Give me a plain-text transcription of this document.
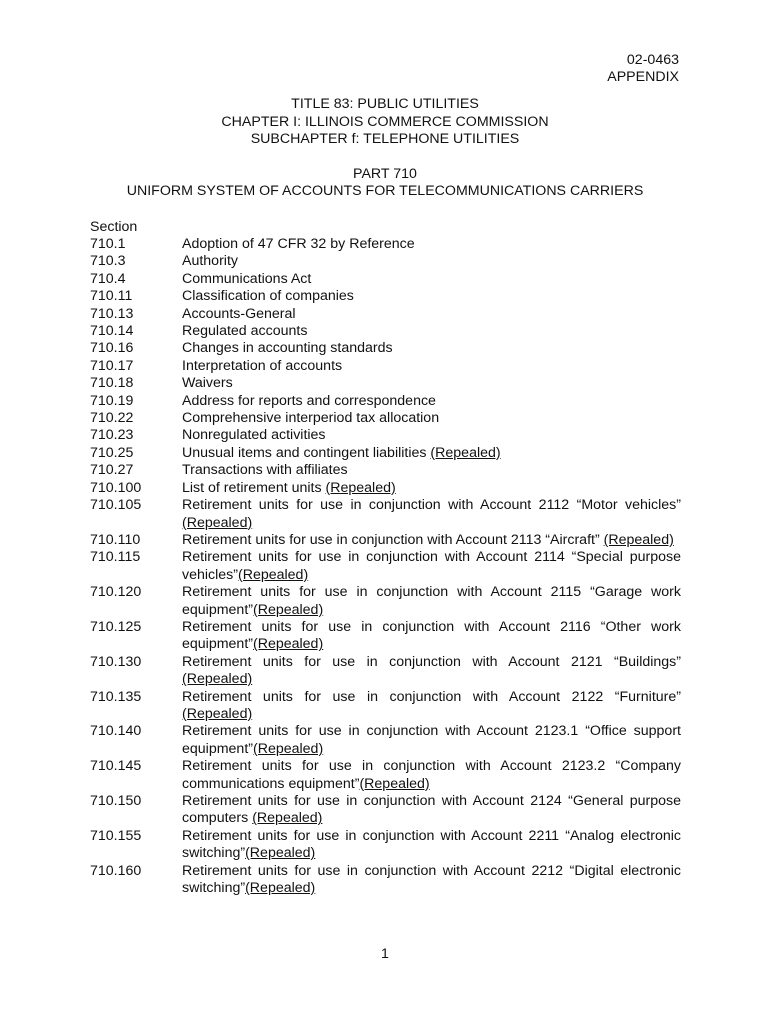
02-0463
APPENDIX
TITLE 83: PUBLIC UTILITIES
CHAPTER I: ILLINOIS COMMERCE COMMISSION
SUBCHAPTER f: TELEPHONE UTILITIES
PART 710
UNIFORM SYSTEM OF ACCOUNTS FOR TELECOMMUNICATIONS CARRIERS
Section
710.1	Adoption of 47 CFR 32 by Reference
710.3	Authority
710.4	Communications Act
710.11	Classification of companies
710.13	Accounts-General
710.14	Regulated accounts
710.16	Changes in accounting standards
710.17	Interpretation of accounts
710.18	Waivers
710.19	Address for reports and correspondence
710.22	Comprehensive interperiod tax allocation
710.23	Nonregulated activities
710.25	Unusual items and contingent liabilities (Repealed)
710.27	Transactions with affiliates
710.100	List of retirement units (Repealed)
710.105	Retirement units for use in conjunction with Account 2112 “Motor vehicles” (Repealed)
710.110	Retirement units for use in conjunction with Account 2113 “Aircraft” (Repealed)
710.115	Retirement units for use in conjunction with Account 2114 “Special purpose vehicles”(Repealed)
710.120	Retirement units for use in conjunction with Account 2115 “Garage work equipment”(Repealed)
710.125	Retirement units for use in conjunction with Account 2116 “Other work equipment”(Repealed)
710.130	Retirement units for use in conjunction with Account 2121 “Buildings” (Repealed)
710.135	Retirement units for use in conjunction with Account 2122 “Furniture” (Repealed)
710.140	Retirement units for use in conjunction with Account 2123.1 “Office support equipment”(Repealed)
710.145	Retirement units for use in conjunction with Account 2123.2 “Company communications equipment”(Repealed)
710.150	Retirement units for use in conjunction with Account 2124 “General purpose computers (Repealed)
710.155	Retirement units for use in conjunction with Account 2211 “Analog electronic switching”(Repealed)
710.160	Retirement units for use in conjunction with Account 2212 “Digital electronic switching”(Repealed)
1
